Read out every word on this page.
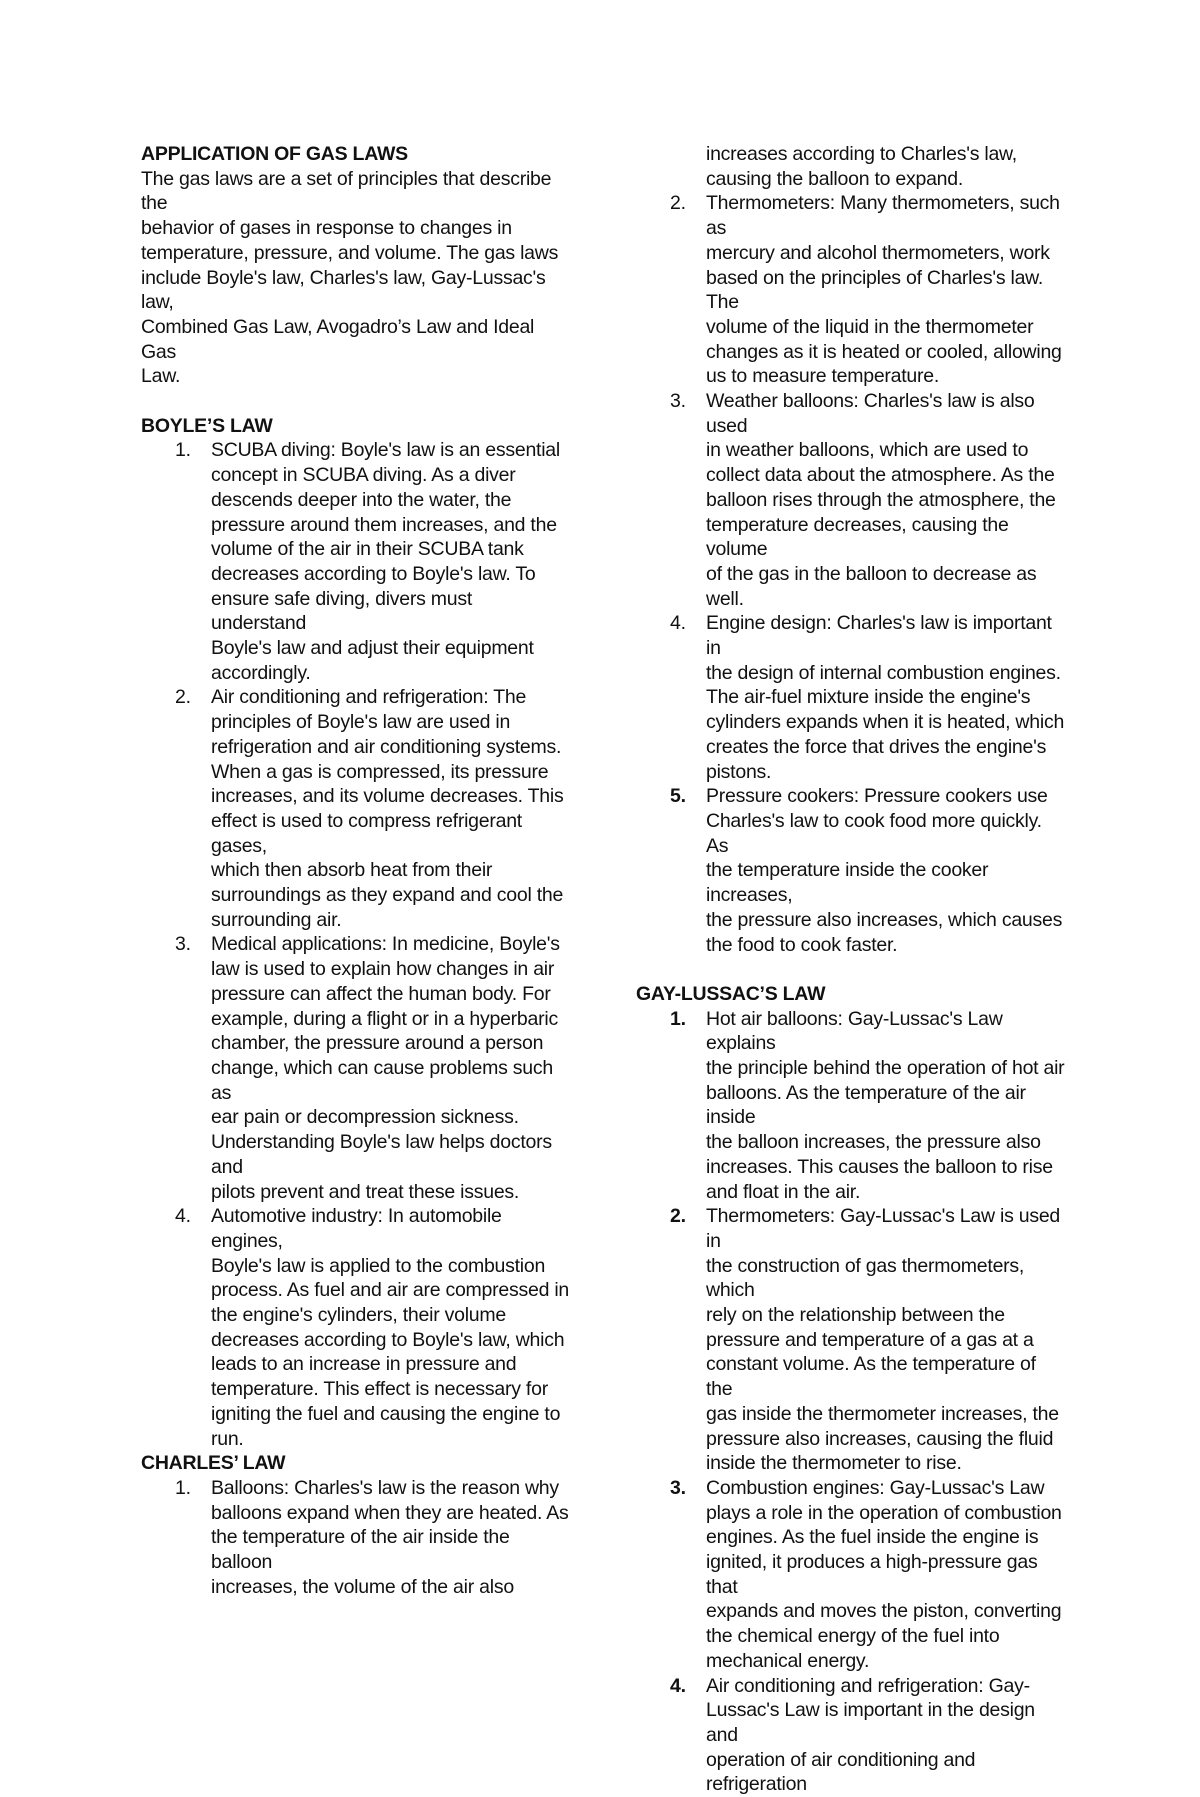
APPLICATION OF GAS LAWS

The gas laws are a set of principles that describe the
behavior of gases in response to changes in
temperature, pressure, and volume. The gas laws
include Boyle's law, Charles's law, Gay-Lussac's law,
Combined Gas Law, Avogadro’s Law and Ideal Gas
Law.

BOYLE’S LAW

1. SCUBA diving: Boyle's law is an essential
concept in SCUBA diving. As a diver
descends deeper into the water, the
pressure around them increases, and the
volume of the air in their SCUBA tank
decreases according to Boyle's law. To
ensure safe diving, divers must understand
Boyle's law and adjust their equipment
accordingly.
2. Air conditioning and refrigeration: The
principles of Boyle's law are used in
refrigeration and air conditioning systems.
When a gas is compressed, its pressure
increases, and its volume decreases. This
effect is used to compress refrigerant gases,
which then absorb heat from their
surroundings as they expand and cool the
surrounding air.
3. Medical applications: In medicine, Boyle's
law is used to explain how changes in air
pressure can affect the human body. For
example, during a flight or in a hyperbaric
chamber, the pressure around a person
change, which can cause problems such as
ear pain or decompression sickness.
Understanding Boyle's law helps doctors and
pilots prevent and treat these issues.
4. Automotive industry: In automobile engines,
Boyle's law is applied to the combustion
process. As fuel and air are compressed in
the engine's cylinders, their volume
decreases according to Boyle's law, which
leads to an increase in pressure and
temperature. This effect is necessary for
igniting the fuel and causing the engine to
run.

CHARLES’ LAW

1. Balloons: Charles's law is the reason why
balloons expand when they are heated. As
the temperature of the air inside the balloon
increases, the volume of the air also

increases according to Charles's law,
causing the balloon to expand.

2. Thermometers: Many thermometers, such as
mercury and alcohol thermometers, work
based on the principles of Charles's law. The
volume of the liquid in the thermometer
changes as it is heated or cooled, allowing
us to measure temperature.
3. Weather balloons: Charles's law is also used
in weather balloons, which are used to
collect data about the atmosphere. As the
balloon rises through the atmosphere, the
temperature decreases, causing the volume
of the gas in the balloon to decrease as well.
4. Engine design: Charles's law is important in
the design of internal combustion engines.
The air-fuel mixture inside the engine's
cylinders expands when it is heated, which
creates the force that drives the engine's
pistons.
5. Pressure cookers: Pressure cookers use
Charles's law to cook food more quickly. As
the temperature inside the cooker increases,
the pressure also increases, which causes
the food to cook faster.

GAY-LUSSAC’S LAW

1. Hot air balloons: Gay-Lussac's Law explains
the principle behind the operation of hot air
balloons. As the temperature of the air inside
the balloon increases, the pressure also
increases. This causes the balloon to rise
and float in the air.
2. Thermometers: Gay-Lussac's Law is used in
the construction of gas thermometers, which
rely on the relationship between the
pressure and temperature of a gas at a
constant volume. As the temperature of the
gas inside the thermometer increases, the
pressure also increases, causing the fluid
inside the thermometer to rise.
3. Combustion engines: Gay-Lussac's Law
plays a role in the operation of combustion
engines. As the fuel inside the engine is
ignited, it produces a high-pressure gas that
expands and moves the piston, converting
the chemical energy of the fuel into
mechanical energy.
4. Air conditioning and refrigeration: Gay-
Lussac's Law is important in the design and
operation of air conditioning and refrigeration
